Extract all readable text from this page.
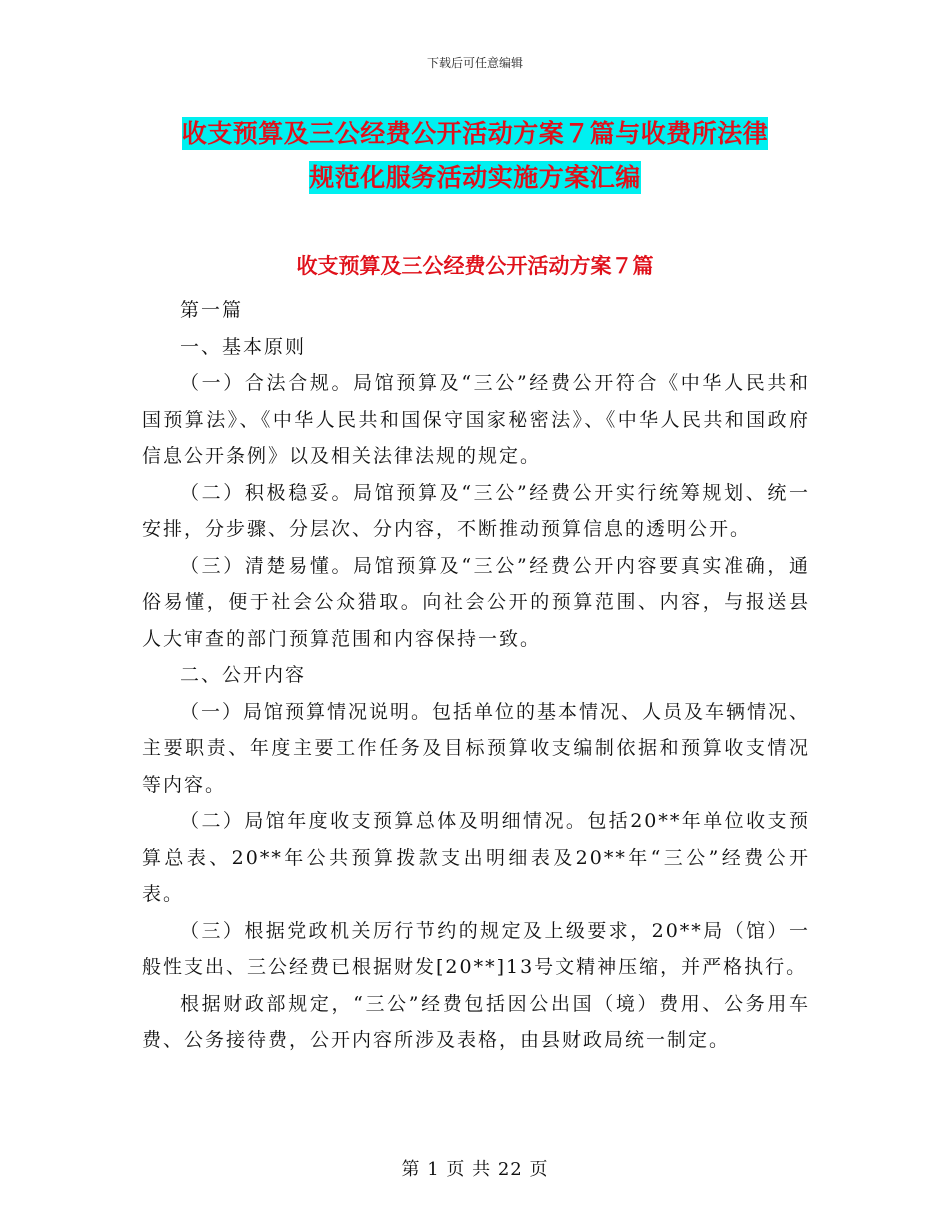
下载后可任意编辑
收支预算及三公经费公开活动方案７篇与收费所法律
规范化服务活动实施方案汇编
收支预算及三公经费公开活动方案７篇

第一篇

一、基本原则

（一）合法合规。局馆预算及“三公”经费公开符合《中华人民共和国预算法》、《中华人民共和国保守国家秘密法》、《中华人民共和国政府信息公开条例》以及相关法律法规的规定。

（二）积极稳妥。局馆预算及“三公”经费公开实行统筹规划、统一安排，分步骤、分层次、分内容，不断推动预算信息的透明公开。

（三）清楚易懂。局馆预算及“三公”经费公开内容要真实准确，通俗易懂，便于社会公众猎取。向社会公开的预算范围、内容，与报送县人大审查的部门预算范围和内容保持一致。

二、公开内容

（一）局馆预算情况说明。包括单位的基本情况、人员及车辆情况、主要职责、年度主要工作任务及目标预算收支编制依据和预算收支情况等内容。

（二）局馆年度收支预算总体及明细情况。包括20**年单位收支预算总表、20**年公共预算拨款支出明细表及20**年“三公”经费公开表。

（三）根据党政机关厉行节约的规定及上级要求，20**局（馆）一般性支出、三公经费已根据财发[20**]13号文精神压缩，并严格执行。

根据财政部规定，“三公”经费包括因公出国（境）费用、公务用车费、公务接待费，公开内容所涉及表格，由县财政局统一制定。

第 1 页 共 22 页
